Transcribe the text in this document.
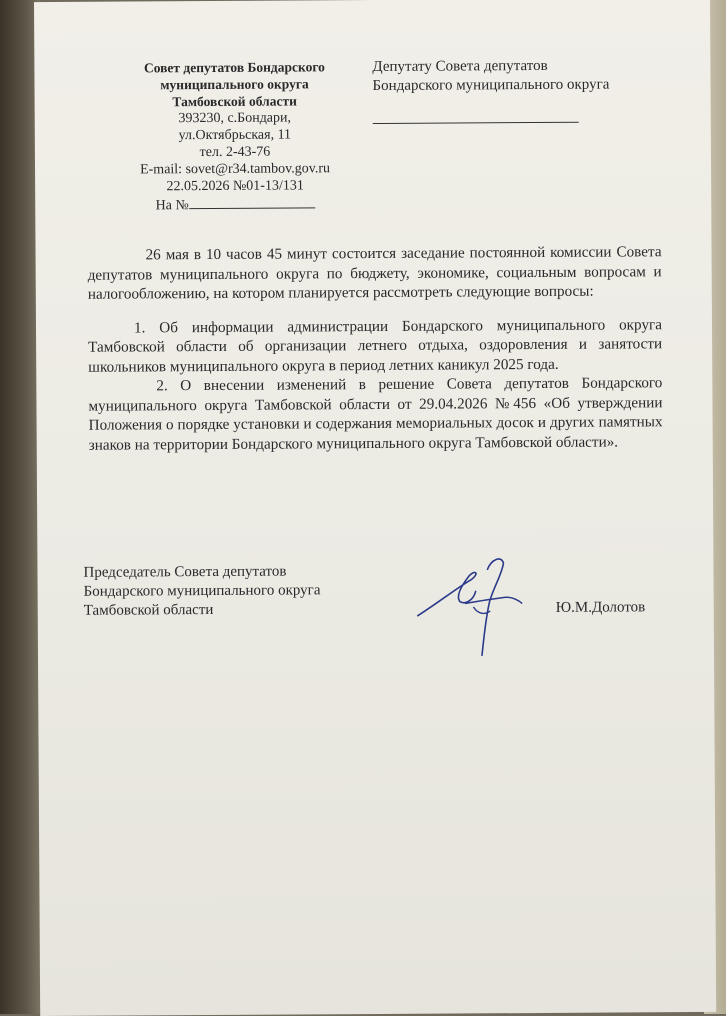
Совет депутатов Бондарского
муниципального округа
Тамбовской области
393230, с.Бондари,
ул.Октябрьская, 11
тел. 2-43-76
E-mail: sovet@r34.tambov.gov.ru
22.05.2026 №01-13/131
На №
Депутату Совета депутатов
Бондарского муниципального округа

26 мая в 10 часов 45 минут состоится заседание постоянной комиссии Совета депутатов муниципального округа по бюджету, экономике, социальным вопросам и налогообложению, на котором планируется рассмотреть следующие вопросы:

1. Об информации администрации Бондарского муниципального округа Тамбовской области об организации летнего отдыха, оздоровления и занятости школьников муниципального округа в период летних каникул 2025 года.

2. О внесении изменений в решение Совета депутатов Бондарского муниципального округа Тамбовской области от 29.04.2026 №456 «Об утверждении Положения о порядке установки и содержания мемориальных досок и других памятных знаков на территории Бондарского муниципального округа Тамбовской области».

Председатель Совета депутатов
Бондарского муниципального округа
Тамбовской области	Ю.М.Долотов
